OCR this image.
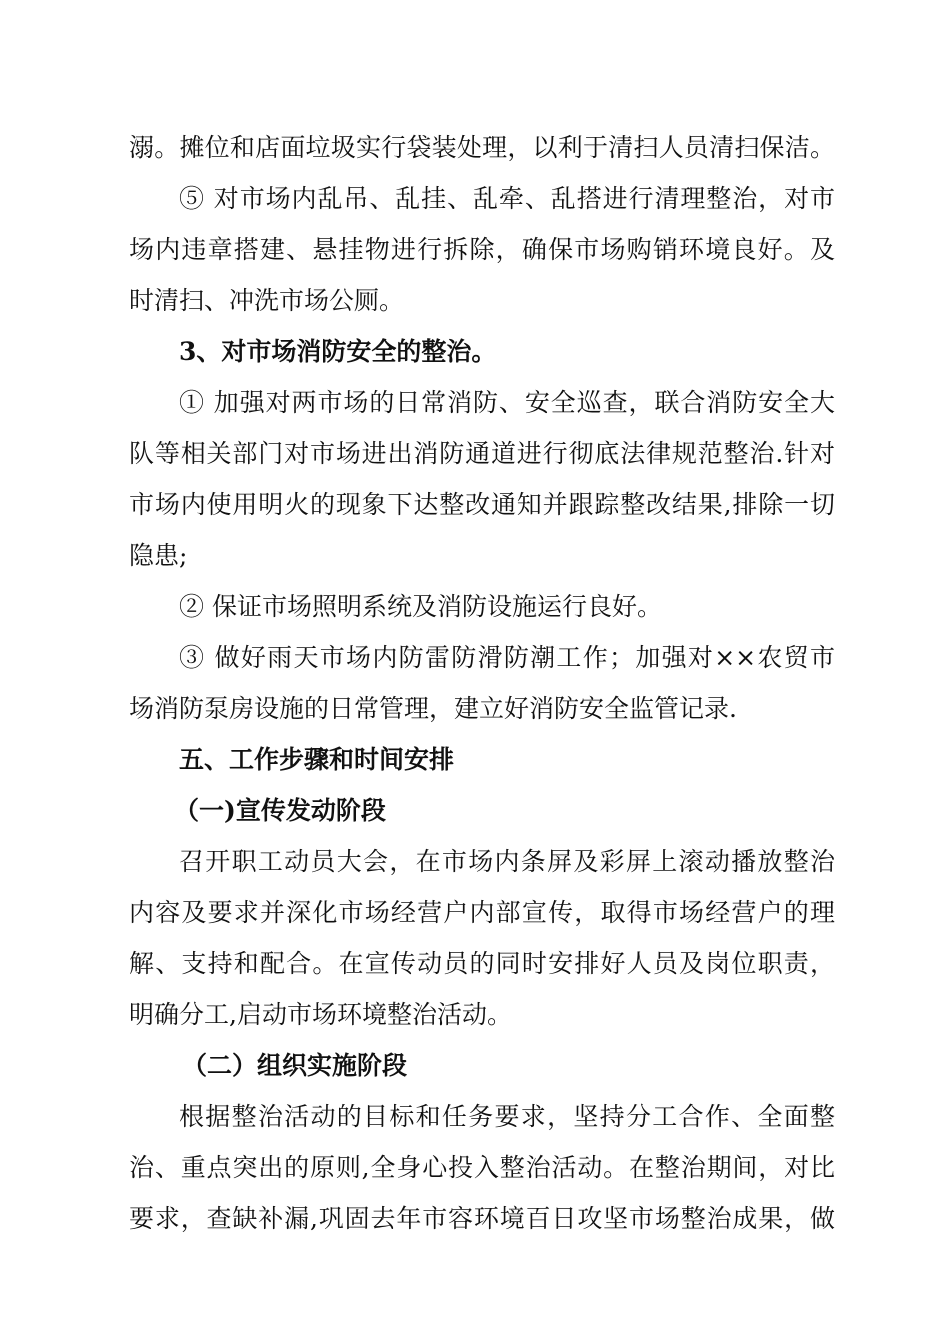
溺。摊位和店面垃圾实行袋装处理，以利于清扫人员清扫保洁。

⑤ 对市场内乱吊、乱挂、乱牵、乱搭进行清理整治，对市

场内违章搭建、悬挂物进行拆除，确保市场购销环境良好。及

时清扫、冲洗市场公厕。

3、对市场消防安全的整治。

① 加强对两市场的日常消防、安全巡查，联合消防安全大

队等相关部门对市场进出消防通道进行彻底法律规范整治.针对

市场内使用明火的现象下达整改通知并跟踪整改结果,排除一切

隐患;

② 保证市场照明系统及消防设施运行良好。

③ 做好雨天市场内防雷防滑防潮工作；加强对××农贸市

场消防泵房设施的日常管理，建立好消防安全监管记录.

五、工作步骤和时间安排

（一)宣传发动阶段

召开职工动员大会，在市场内条屏及彩屏上滚动播放整治

内容及要求并深化市场经营户内部宣传，取得市场经营户的理

解、支持和配合。在宣传动员的同时安排好人员及岗位职责，

明确分工,启动市场环境整治活动。

（二）组织实施阶段

根据整治活动的目标和任务要求，坚持分工合作、全面整

治、重点突出的原则,全身心投入整治活动。在整治期间，对比

要求，查缺补漏,巩固去年市容环境百日攻坚市场整治成果，做
